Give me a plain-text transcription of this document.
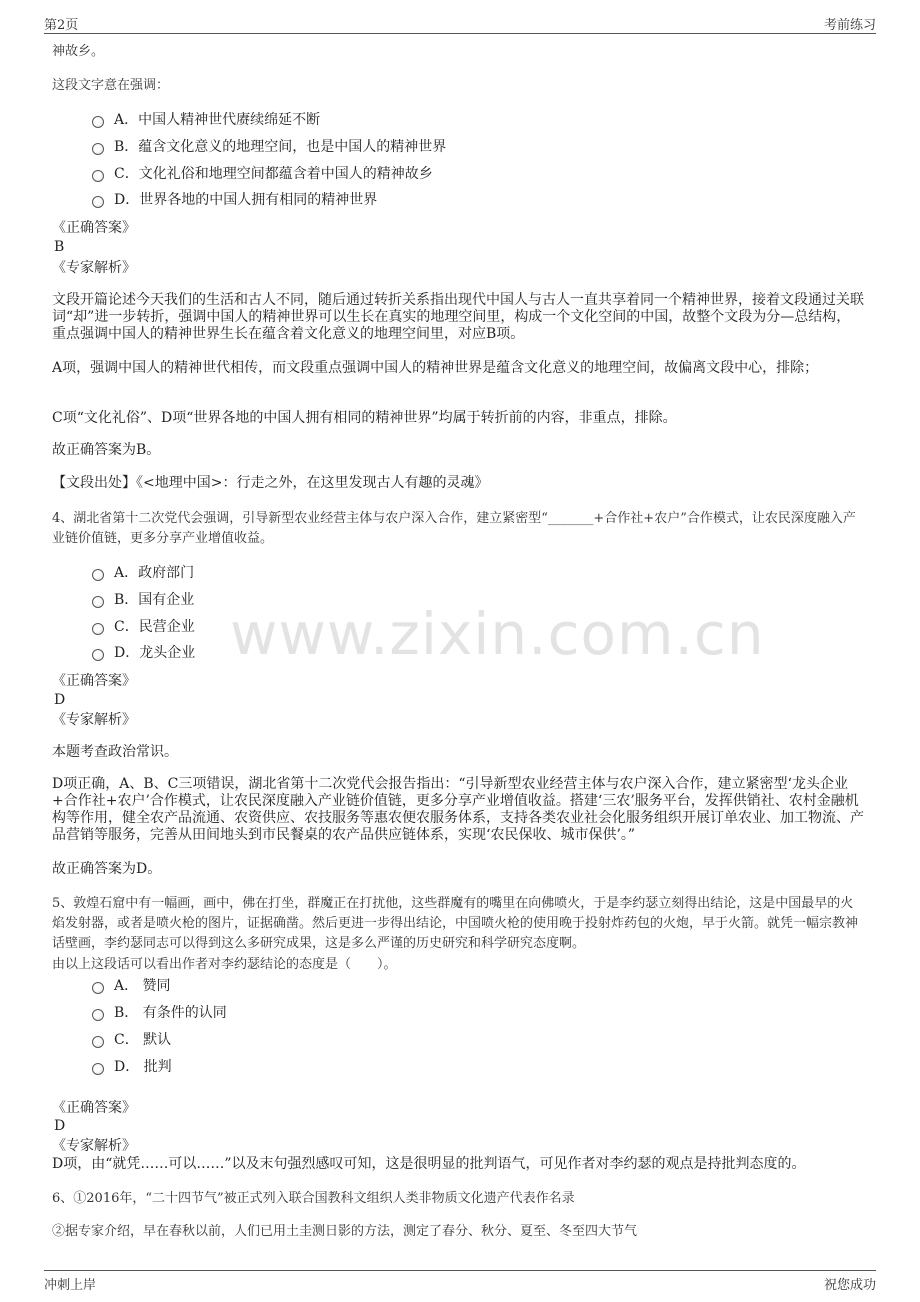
第2页	考前练习
www.zixin.com.cn
神故乡。
这段文字意在强调：
A．中国人精神世代赓续绵延不断
B．蕴含文化意义的地理空间，也是中国人的精神世界
C．文化礼俗和地理空间都蕴含着中国人的精神故乡
D．世界各地的中国人拥有相同的精神世界
《正确答案》
B
《专家解析》
文段开篇论述今天我们的生活和古人不同，随后通过转折关系指出现代中国人与古人一直共享着同一个精神世界，接着文段通过关联词“却”进一步转折，强调中国人的精神世界可以生长在真实的地理空间里，构成一个文化空间的中国，故整个文段为分—总结构，重点强调中国人的精神世界生长在蕴含着文化意义的地理空间里，对应B项。
A项，强调中国人的精神世代相传，而文段重点强调中国人的精神世界是蕴含文化意义的地理空间，故偏离文段中心，排除；
C项“文化礼俗”、D项“世界各地的中国人拥有相同的精神世界”均属于转折前的内容，非重点，排除。
故正确答案为B。
【文段出处】《<地理中国>：行走之外，在这里发现古人有趣的灵魂》
4、湖北省第十二次党代会强调，引导新型农业经营主体与农户深入合作，建立紧密型“_______+合作社+农户”合作模式，让农民深度融入产业链价值链，更多分享产业增值收益。
A．政府部门
B．国有企业
C．民营企业
D．龙头企业
《正确答案》
D
《专家解析》
本题考查政治常识。
D项正确，A、B、C三项错误，湖北省第十二次党代会报告指出：“引导新型农业经营主体与农户深入合作，建立紧密型‘龙头企业+合作社+农户’合作模式，让农民深度融入产业链价值链，更多分享产业增值收益。搭建‘三农’服务平台，发挥供销社、农村金融机构等作用，健全农产品流通、农资供应、农技服务等惠农便农服务体系，支持各类农业社会化服务组织开展订单农业、加工物流、产品营销等服务，完善从田间地头到市民餐桌的农产品供应链体系，实现‘农民保收、城市保供’。”
故正确答案为D。
5、敦煌石窟中有一幅画，画中，佛在打坐，群魔正在打扰他，这些群魔有的嘴里在向佛喷火，于是李约瑟立刻得出结论，这是中国最早的火焰发射器，或者是喷火枪的图片，证据确凿。然后更进一步得出结论，中国喷火枪的使用晚于投射炸药包的火炮，早于火箭。就凭一幅宗教神话壁画，李约瑟同志可以得到这么多研究成果，这是多么严谨的历史研究和科学研究态度啊。
由以上这段话可以看出作者对李约瑟结论的态度是（　　）。
A． 赞同
B． 有条件的认同
C． 默认
D． 批判
《正确答案》
D
《专家解析》
D项，由“就凭……可以……”以及末句强烈感叹可知，这是很明显的批判语气，可见作者对李约瑟的观点是持批判态度的。
6、①2016年，“二十四节气”被正式列入联合国教科文组织人类非物质文化遗产代表作名录
②据专家介绍，早在春秋以前，人们已用土圭测日影的方法，测定了春分、秋分、夏至、冬至四大节气
冲刺上岸	祝您成功
